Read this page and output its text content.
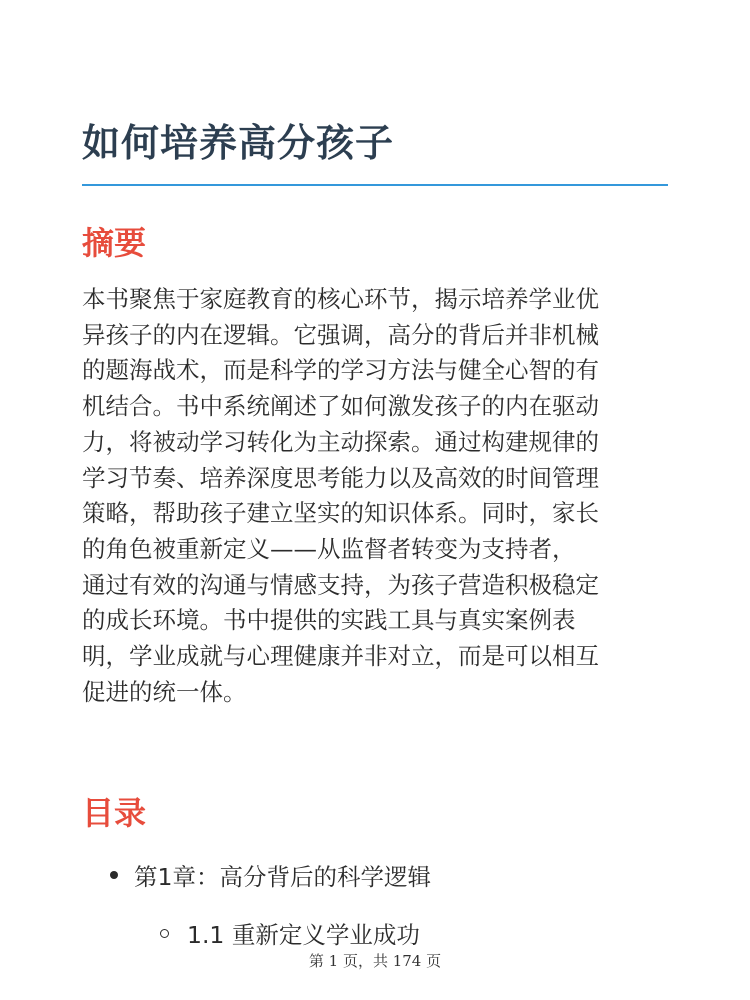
如何培养高分孩子
摘要

本书聚焦于家庭教育的核心环节，揭示培养学业优
异孩子的内在逻辑。它强调，高分的背后并非机械
的题海战术，而是科学的学习方法与健全心智的有
机结合。书中系统阐述了如何激发孩子的内在驱动
力，将被动学习转化为主动探索。通过构建规律的
学习节奏、培养深度思考能力以及高效的时间管理
策略，帮助孩子建立坚实的知识体系。同时，家长
的角色被重新定义——从监督者转变为支持者，
通过有效的沟通与情感支持，为孩子营造积极稳定
的成长环境。书中提供的实践工具与真实案例表
明，学业成就与心理健康并非对立，而是可以相互
促进的统一体。

目录
第1章：高分背后的科学逻辑
1.1 重新定义学业成功
第 1 页，共 174 页
